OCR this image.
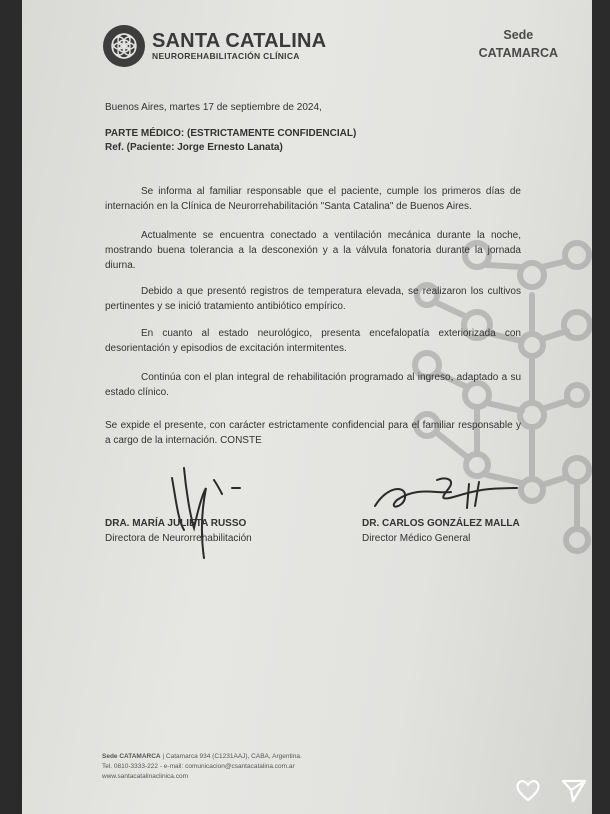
SANTA CATALINA
NEUROREHABILITACIÓN CLÍNICA
Sede
CATAMARCA
Buenos Aires, martes 17 de septiembre de 2024,
PARTE MÉDICO: (ESTRICTAMENTE CONFIDENCIAL)
Ref. (Paciente: Jorge Ernesto Lanata)
Se informa al familiar responsable que el paciente, cumple los primeros días de internación en la Clínica de Neurorrehabilitación "Santa Catalina" de Buenos Aires.
Actualmente se encuentra conectado a ventilación mecánica durante la noche, mostrando buena tolerancia a la desconexión y a la válvula fonatoria durante la jornada diurna.
Debido a que presentó registros de temperatura elevada, se realizaron los cultivos pertinentes y se inició tratamiento antibiótico empírico.
En cuanto al estado neurológico, presenta encefalopatía exteriorizada con desorientación y episodios de excitación intermitentes.
Continúa con el plan integral de rehabilitación programado al ingreso, adaptado a su estado clínico.
Se expide el presente, con carácter estrictamente confidencial para el familiar responsable y a cargo de la internación. CONSTE
DRA. MARÍA JULIETA RUSSO
Directora de Neurorrehabilitación
DR. CARLOS GONZÁLEZ MALLA
Director Médico General
Sede CATAMARCA | Catamarca 934 (C1231AAJ), CABA, Argentina.
Tel. 0810-3333-222 - e-mail: comunicacion@csantacatalina.com.ar
www.santacatalinaclinica.com
